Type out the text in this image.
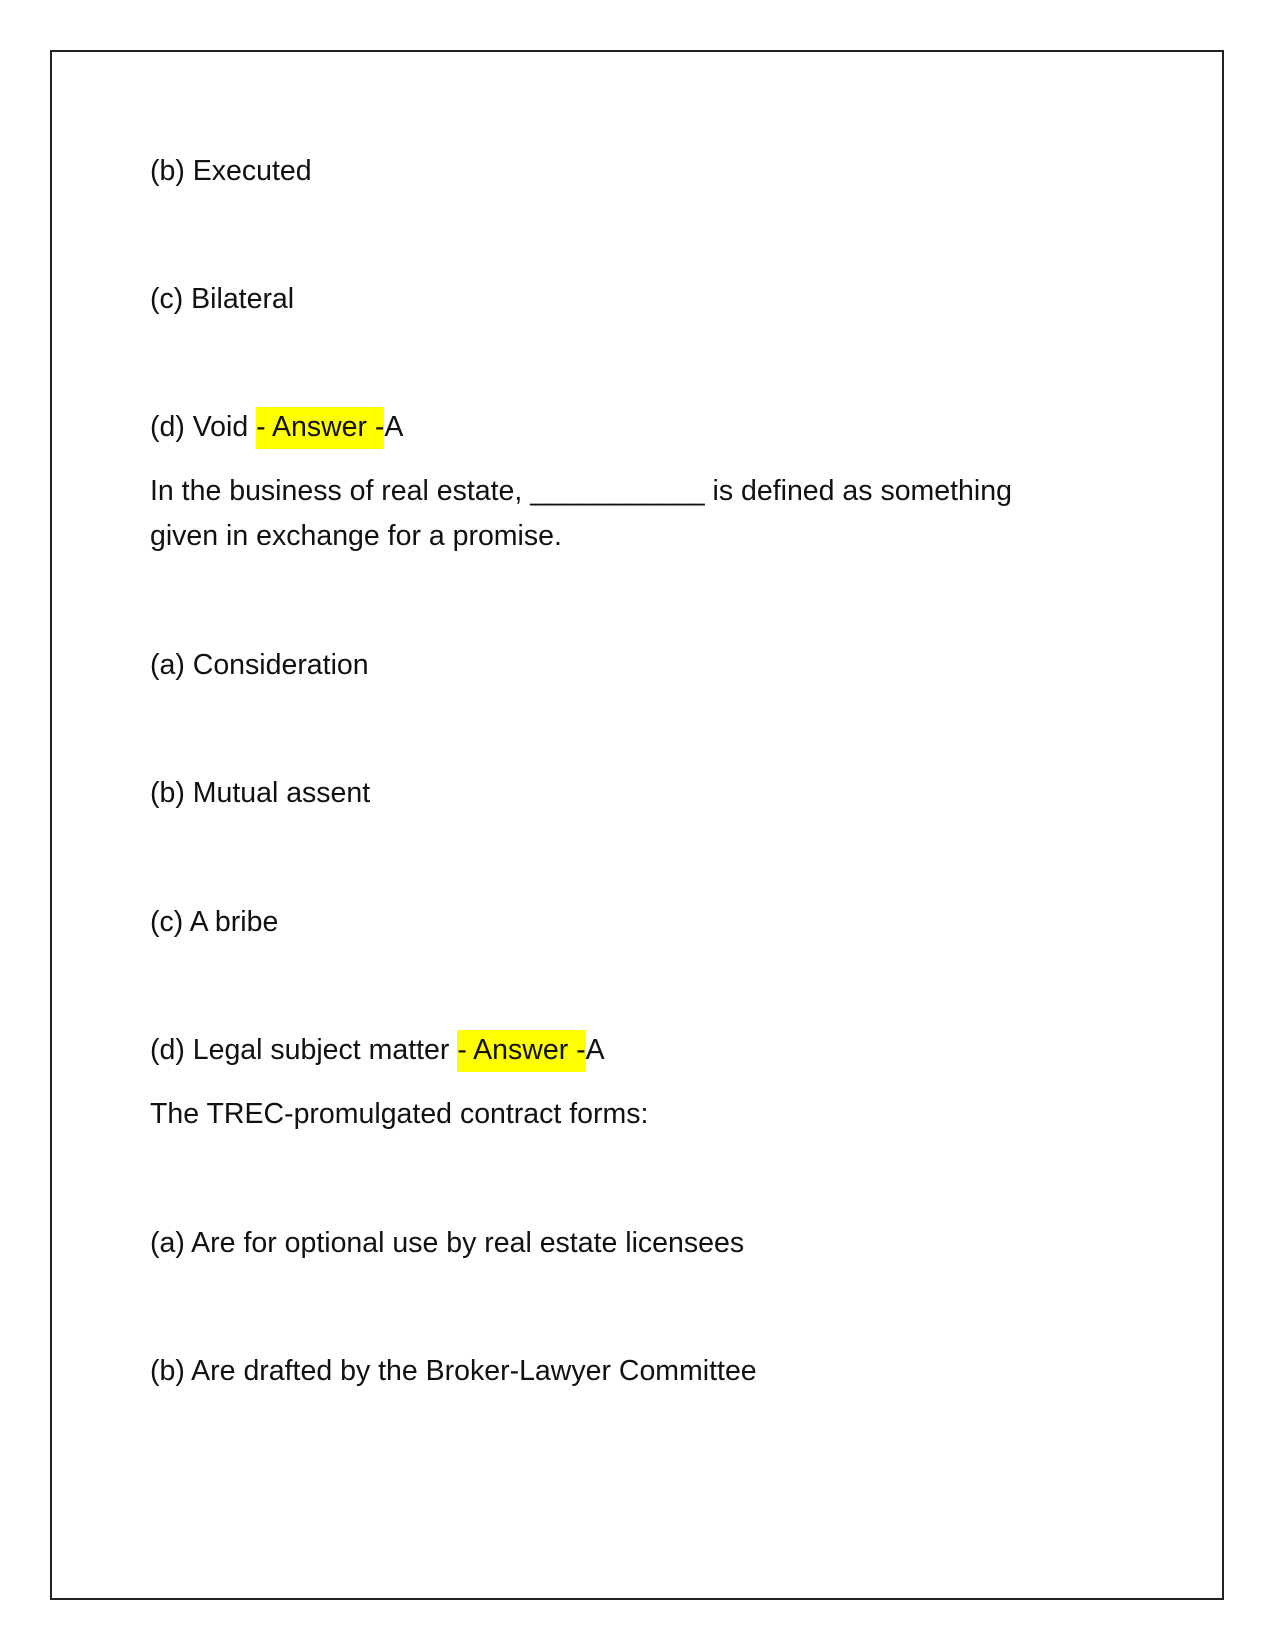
(b) Executed
(c) Bilateral
(d) Void - Answer -A
In the business of real estate, ___________ is defined as something
given in exchange for a promise.
(a) Consideration
(b) Mutual assent
(c) A bribe
(d) Legal subject matter - Answer -A
The TREC-promulgated contract forms:
(a) Are for optional use by real estate licensees
(b) Are drafted by the Broker-Lawyer Committee
